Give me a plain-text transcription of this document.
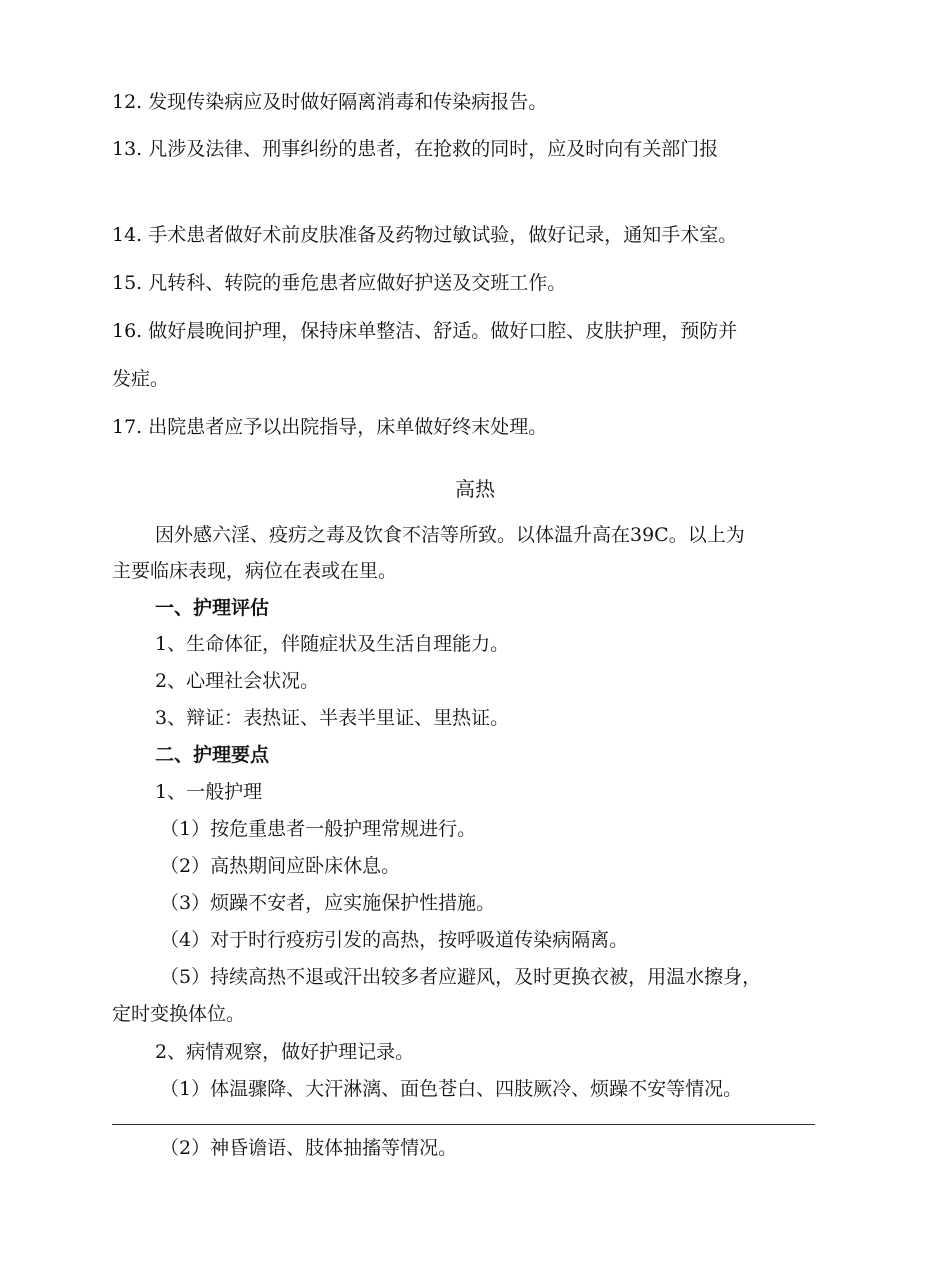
12. 发现传染病应及时做好隔离消毒和传染病报告。
13. 凡涉及法律、刑事纠纷的患者，在抢救的同时，应及时向有关部门报
14. 手术患者做好术前皮肤准备及药物过敏试验，做好记录，通知手术室。
15. 凡转科、转院的垂危患者应做好护送及交班工作。
16. 做好晨晚间护理，保持床单整洁、舒适。做好口腔、皮肤护理，预防并
发症。
17. 出院患者应予以出院指导，床单做好终末处理。
高热
因外感六淫、疫疠之毒及饮食不洁等所致。以体温升高在39C。以上为
主要临床表现，病位在表或在里。
一、护理评估
1、生命体征，伴随症状及生活自理能力。
2、心理社会状况。
3、辩证：表热证、半表半里证、里热证。
二、护理要点
1、一般护理
（1）按危重患者一般护理常规进行。
（2）高热期间应卧床休息。
（3）烦躁不安者，应实施保护性措施。
（4）对于时行疫疠引发的高热，按呼吸道传染病隔离。
（5）持续高热不退或汗出较多者应避风，及时更换衣被，用温水擦身，
定时变换体位。
2、病情观察，做好护理记录。
（1）体温骤降、大汗淋漓、面色苍白、四肢厥冷、烦躁不安等情况。
（2）神昏谵语、肢体抽搐等情况。
